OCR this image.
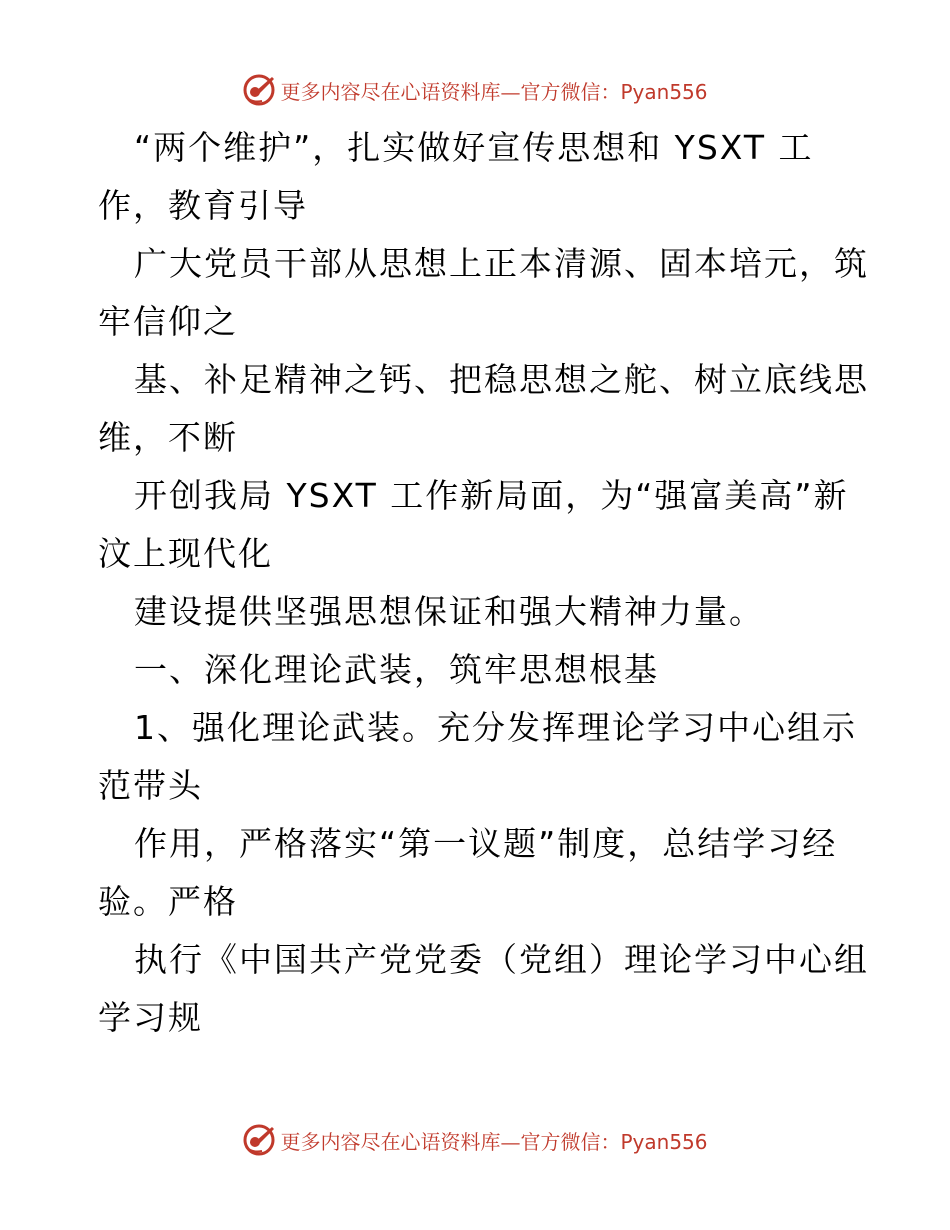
更多内容尽在心语资料库—官方微信：Pyan556
“两个维护”，扎实做好宣传思想和 YSXT 工
作，教育引导
广大党员干部从思想上正本清源、固本培元，筑
牢信仰之
基、补足精神之钙、把稳思想之舵、树立底线思
维，不断
开创我局 YSXT 工作新局面，为“强富美高”新
汶上现代化
建设提供坚强思想保证和强大精神力量。
一、深化理论武装，筑牢思想根基
1、强化理论武装。充分发挥理论学习中心组示
范带头
作用，严格落实“第一议题”制度，总结学习经
验。严格
执行《中国共产党党委（党组）理论学习中心组
学习规
更多内容尽在心语资料库—官方微信：Pyan556
